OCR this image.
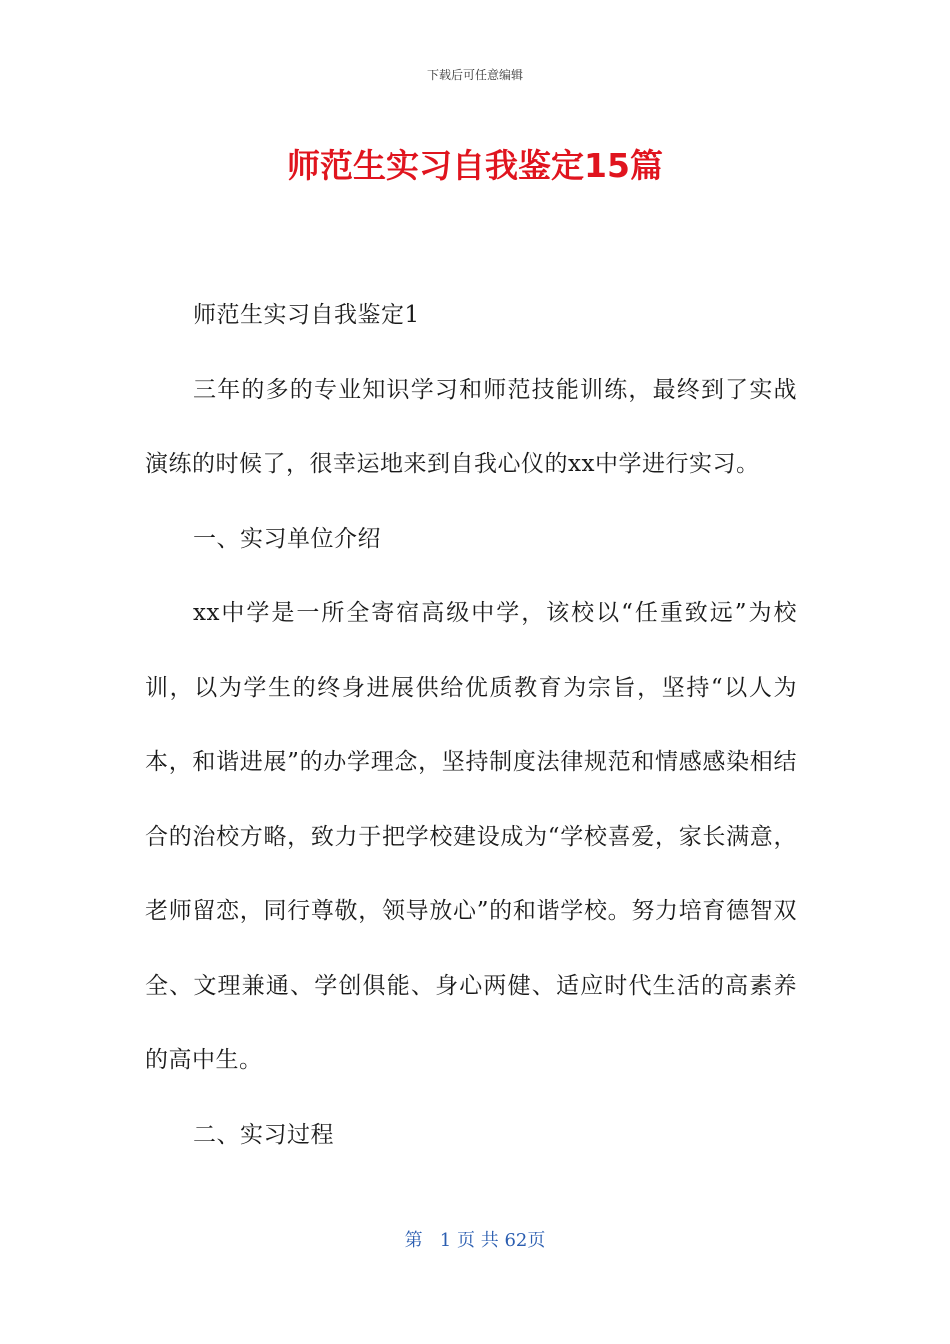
下载后可任意编辑
师范生实习自我鉴定15篇

师范生实习自我鉴定1

三年的多的专业知识学习和师范技能训练，最终到了实战演练的时候了，很幸运地来到自我心仪的xx中学进行实习。

一、实习单位介绍

xx中学是一所全寄宿高级中学，该校以“任重致远”为校训，以为学生的终身进展供给优质教育为宗旨，坚持“以人为本，和谐进展”的办学理念，坚持制度法律规范和情感感染相结合的治校方略，致力于把学校建设成为“学校喜爱，家长满意，老师留恋，同行尊敬，领导放心”的和谐学校。努力培育德智双全、文理兼通、学创俱能、身心两健、适应时代生活的高素养的高中生。

二、实习过程

第 1 页 共 62页
